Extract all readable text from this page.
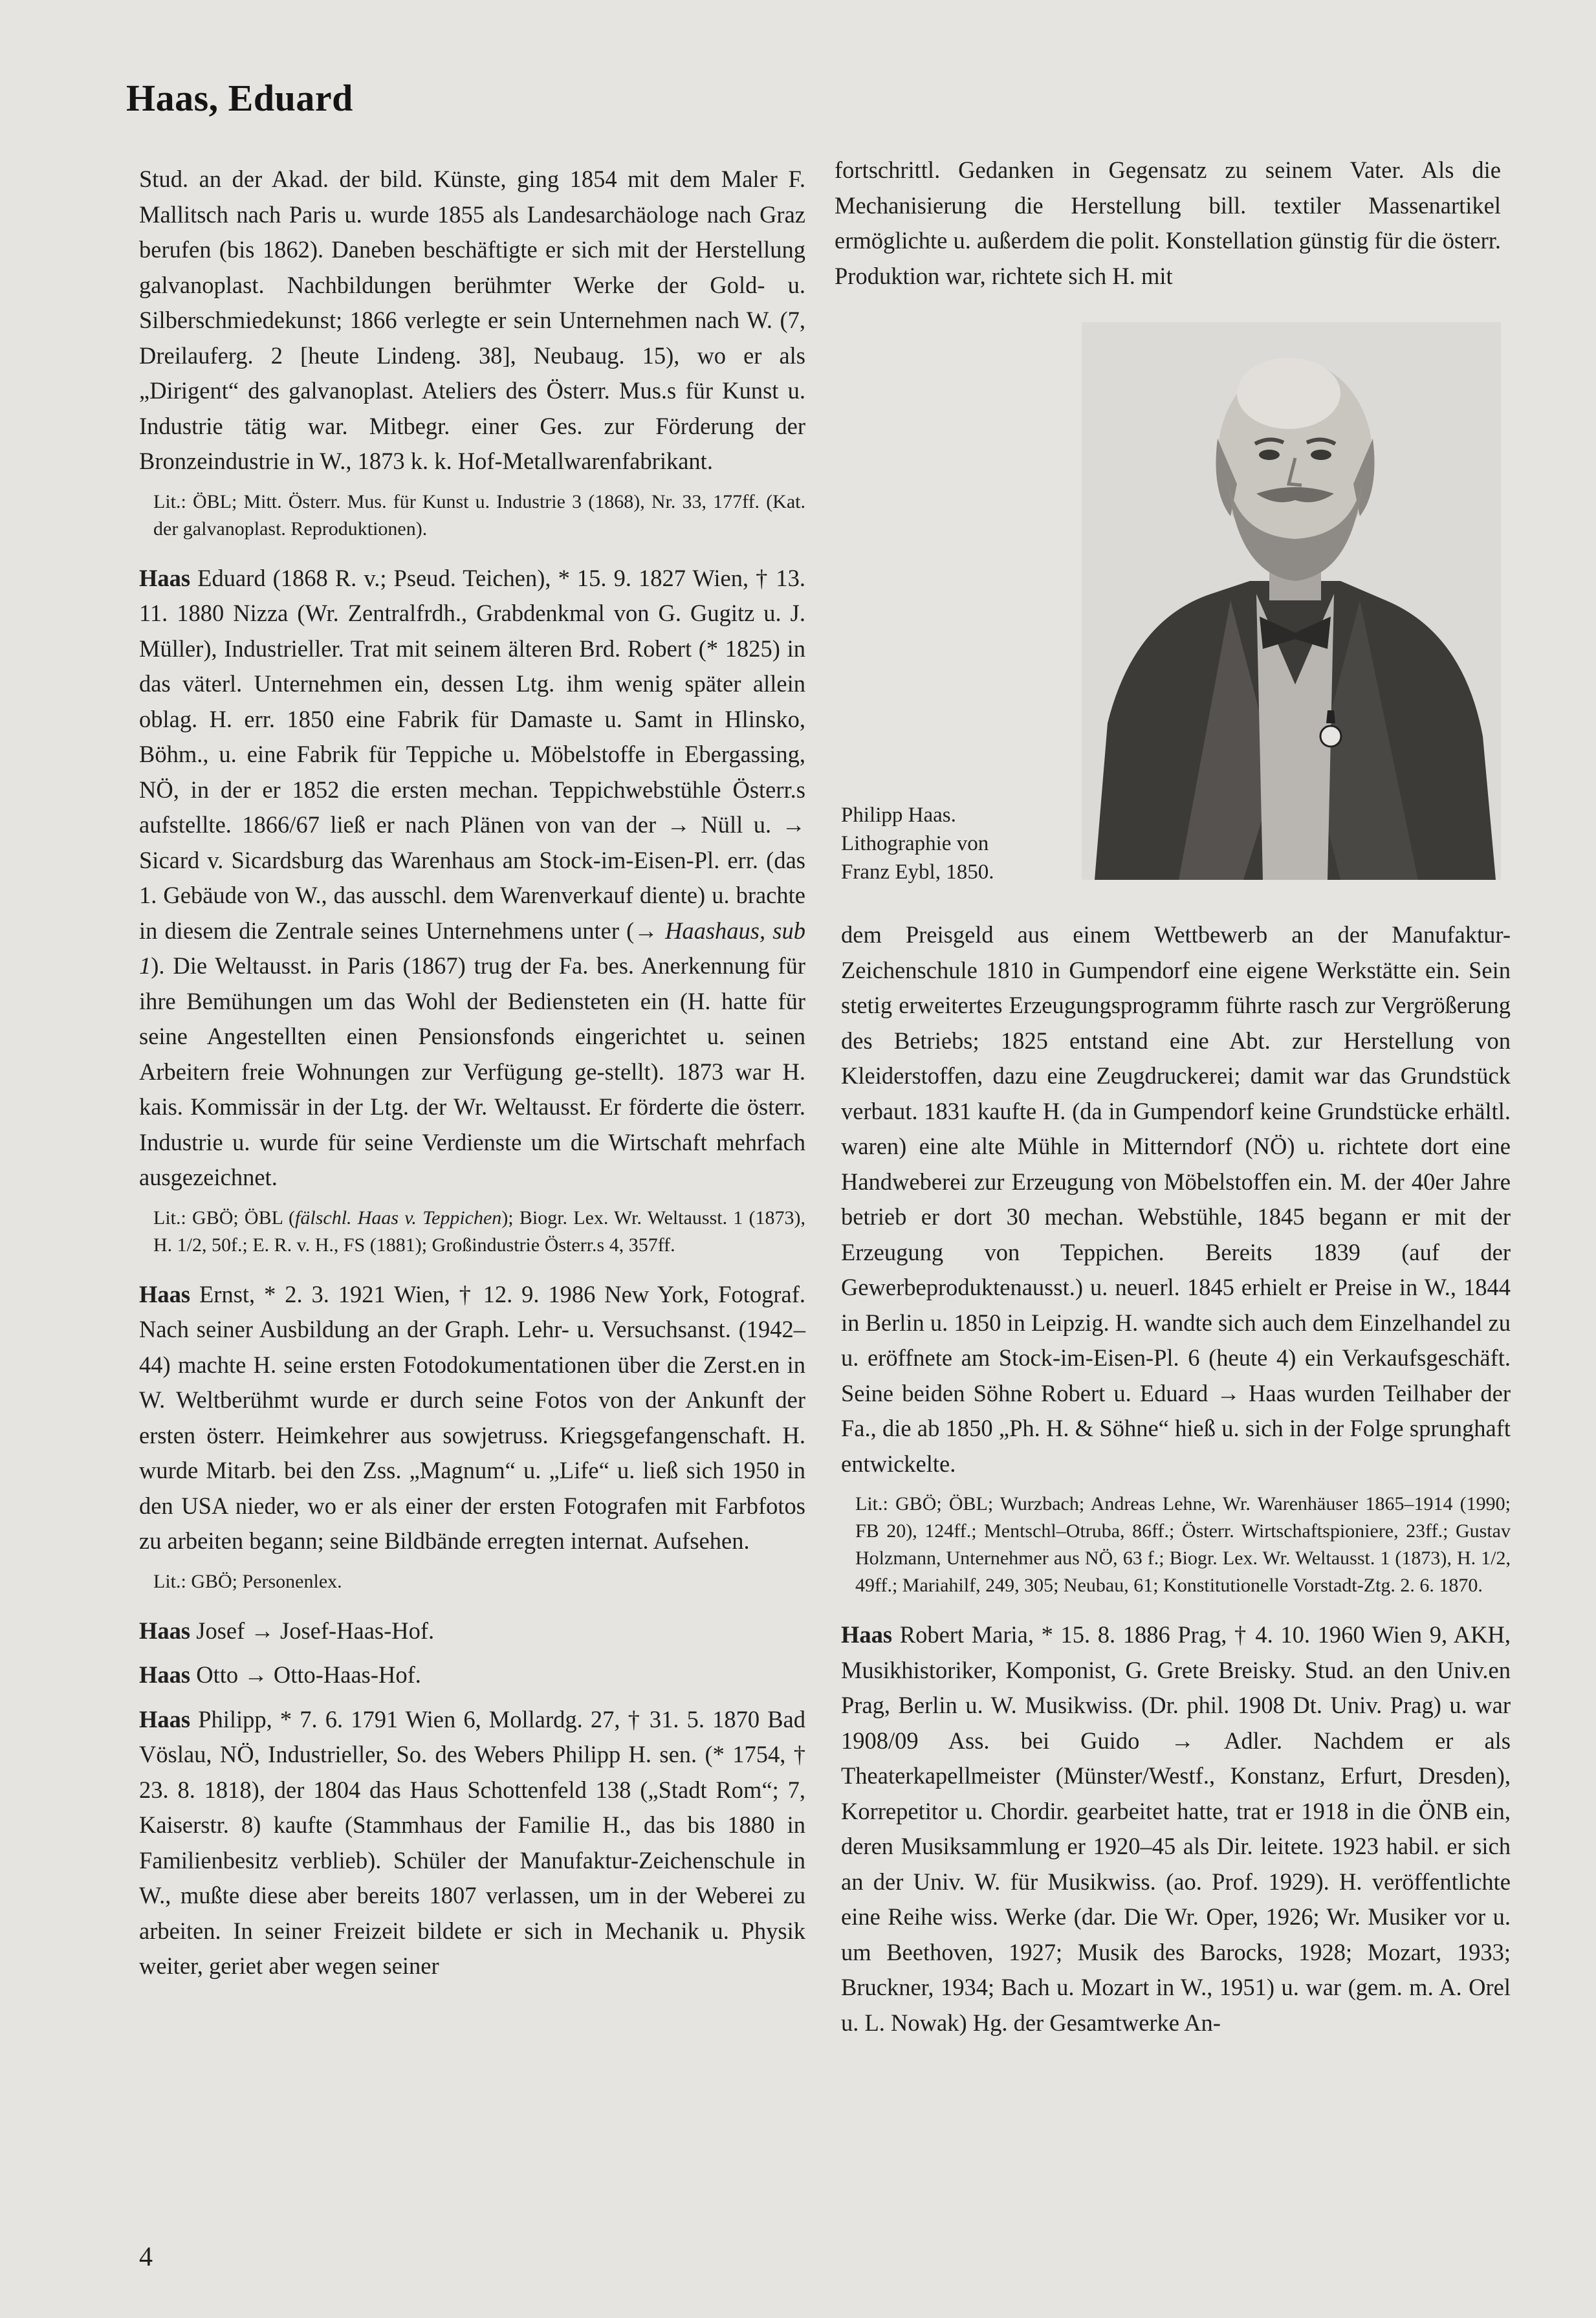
Haas, Eduard

Stud. an der Akad. der bild. Künste, ging 1854 mit dem Maler F. Mallitsch nach Paris u. wurde 1855 als Landesarchäologe nach Graz berufen (bis 1862). Daneben beschäftigte er sich mit der Herstellung galvanoplast. Nachbildungen berühmter Werke der Gold- u. Silberschmiedekunst; 1866 verlegte er sein Unternehmen nach W. (7, Dreilauferg. 2 [heute Lindeng. 38], Neubaug. 15), wo er als „Dirigent“ des galvanoplast. Ateliers des Österr. Mus.s für Kunst u. Industrie tätig war. Mitbegr. einer Ges. zur Förderung der Bronzeindustrie in W., 1873 k. k. Hof-Metallwarenfabrikant.

Lit.: ÖBL; Mitt. Österr. Mus. für Kunst u. Industrie 3 (1868), Nr. 33, 177ff. (Kat. der galvanoplast. Reproduktionen).

Haas Eduard (1868 R. v.; Pseud. Teichen), * 15. 9. 1827 Wien, † 13. 11. 1880 Nizza (Wr. Zentralfrdh., Grabdenkmal von G. Gugitz u. J. Müller), Industrieller. Trat mit seinem älteren Brd. Robert (* 1825) in das väterl. Unternehmen ein, dessen Ltg. ihm wenig später allein oblag. H. err. 1850 eine Fabrik für Damaste u. Samt in Hlinsko, Böhm., u. eine Fabrik für Teppiche u. Möbelstoffe in Ebergassing, NÖ, in der er 1852 die ersten mechan. Teppichwebstühle Österr.s aufstellte. 1866/67 ließ er nach Plänen von van der → Nüll u. → Sicard v. Sicardsburg das Warenhaus am Stock-im-Eisen-Pl. err. (das 1. Gebäude von W., das ausschl. dem Warenverkauf diente) u. brachte in diesem die Zentrale seines Unternehmens unter (→ Haashaus, sub 1). Die Weltausst. in Paris (1867) trug der Fa. bes. Anerkennung für ihre Bemühungen um das Wohl der Bediensteten ein (H. hatte für seine Angestellten einen Pensionsfonds eingerichtet u. seinen Arbeitern freie Wohnungen zur Verfügung ge-stellt). 1873 war H. kais. Kommissär in der Ltg. der Wr. Weltausst. Er förderte die österr. Industrie u. wurde für seine Verdienste um die Wirtschaft mehrfach ausgezeichnet.

Lit.: GBÖ; ÖBL (fälschl. Haas v. Teppichen); Biogr. Lex. Wr. Weltausst. 1 (1873), H. 1/2, 50f.; E. R. v. H., FS (1881); Großindustrie Österr.s 4, 357ff.

Haas Ernst, * 2. 3. 1921 Wien, † 12. 9. 1986 New York, Fotograf. Nach seiner Ausbildung an der Graph. Lehr- u. Versuchsanst. (1942–44) machte H. seine ersten Fotodokumentationen über die Zerst.en in W. Weltberühmt wurde er durch seine Fotos von der Ankunft der ersten österr. Heimkehrer aus sowjetruss. Kriegsgefangenschaft. H. wurde Mitarb. bei den Zss. „Magnum“ u. „Life“ u. ließ sich 1950 in den USA nieder, wo er als einer der ersten Fotografen mit Farbfotos zu arbeiten begann; seine Bildbände erregten internat. Aufsehen.

Lit.: GBÖ; Personenlex.

Haas Josef → Josef-Haas-Hof.

Haas Otto → Otto-Haas-Hof.

Haas Philipp, * 7. 6. 1791 Wien 6, Mollardg. 27, † 31. 5. 1870 Bad Vöslau, NÖ, Industrieller, So. des Webers Philipp H. sen. (* 1754, † 23. 8. 1818), der 1804 das Haus Schottenfeld 138 („Stadt Rom“; 7, Kaiserstr. 8) kaufte (Stammhaus der Familie H., das bis 1880 in Familienbesitz verblieb). Schüler der Manufaktur-Zeichenschule in W., mußte diese aber bereits 1807 verlassen, um in der Weberei zu arbeiten. In seiner Freizeit bildete er sich in Mechanik u. Physik weiter, geriet aber wegen seiner

fortschrittl. Gedanken in Gegensatz zu seinem Vater. Als die Mechanisierung die Herstellung bill. textiler Massenartikel ermöglichte u. außerdem die polit. Konstellation günstig für die österr. Produktion war, richtete sich H. mit

Philipp Haas.
Lithographie von
Franz Eybl, 1850.

dem Preisgeld aus einem Wettbewerb an der Manufaktur-Zeichenschule 1810 in Gumpendorf eine eigene Werkstätte ein. Sein stetig erweitertes Erzeugungsprogramm führte rasch zur Vergrößerung des Betriebs; 1825 entstand eine Abt. zur Herstellung von Kleiderstoffen, dazu eine Zeugdruckerei; damit war das Grundstück verbaut. 1831 kaufte H. (da in Gumpendorf keine Grundstücke erhältl. waren) eine alte Mühle in Mitterndorf (NÖ) u. richtete dort eine Handweberei zur Erzeugung von Möbelstoffen ein. M. der 40er Jahre betrieb er dort 30 mechan. Webstühle, 1845 begann er mit der Erzeugung von Teppichen. Bereits 1839 (auf der Gewerbeproduktenausst.) u. neuerl. 1845 erhielt er Preise in W., 1844 in Berlin u. 1850 in Leipzig. H. wandte sich auch dem Einzelhandel zu u. eröffnete am Stock-im-Eisen-Pl. 6 (heute 4) ein Verkaufsgeschäft. Seine beiden Söhne Robert u. Eduard → Haas wurden Teilhaber der Fa., die ab 1850 „Ph. H. & Söhne“ hieß u. sich in der Folge sprunghaft entwickelte.

Lit.: GBÖ; ÖBL; Wurzbach; Andreas Lehne, Wr. Warenhäuser 1865–1914 (1990; FB 20), 124ff.; Mentschl–Otruba, 86ff.; Österr. Wirtschaftspioniere, 23ff.; Gustav Holzmann, Unternehmer aus NÖ, 63 f.; Biogr. Lex. Wr. Weltausst. 1 (1873), H. 1/2, 49ff.; Mariahilf, 249, 305; Neubau, 61; Konstitutionelle Vorstadt-Ztg. 2. 6. 1870.

Haas Robert Maria, * 15. 8. 1886 Prag, † 4. 10. 1960 Wien 9, AKH, Musikhistoriker, Komponist, G. Grete Breisky. Stud. an den Univ.en Prag, Berlin u. W. Musikwiss. (Dr. phil. 1908 Dt. Univ. Prag) u. war 1908/09 Ass. bei Guido → Adler. Nachdem er als Theaterkapellmeister (Münster/Westf., Konstanz, Erfurt, Dresden), Korrepetitor u. Chordir. gearbeitet hatte, trat er 1918 in die ÖNB ein, deren Musiksammlung er 1920–45 als Dir. leitete. 1923 habil. er sich an der Univ. W. für Musikwiss. (ao. Prof. 1929). H. veröffentlichte eine Reihe wiss. Werke (dar. Die Wr. Oper, 1926; Wr. Musiker vor u. um Beethoven, 1927; Musik des Barocks, 1928; Mozart, 1933; Bruckner, 1934; Bach u. Mozart in W., 1951) u. war (gem. m. A. Orel u. L. Nowak) Hg. der Gesamtwerke An-

4
